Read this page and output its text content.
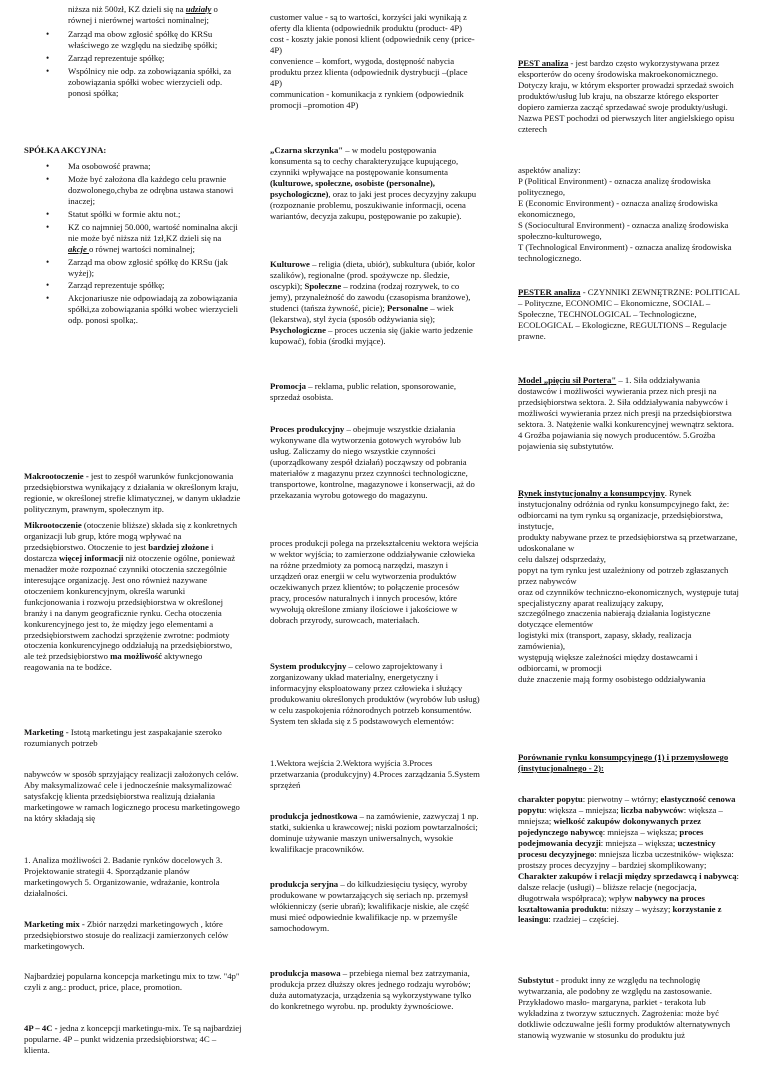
niższa niż 500zł, KZ dzieli się na udziały o równej i nierównej wartości nominalnej;

• Zarząd ma obow zgłosić spółkę do KRSu właściwego ze względu na siedzibę spółki;
• Zarząd reprezentuje spółkę;
• Wspólnicy nie odp. za zobowiązania spółki, za zobowiązania spółki wobec wierzycieli odp. ponosi spółka;

SPÓŁKA AKCYJNA:

• Ma osobowość prawna;
• Może być założona dla każdego celu prawnie dozwolonego,chyba ze odrębna ustawa stanowi inaczej;
• Statut spółki w formie aktu not.;
• KZ co najmniej 50.000, wartość nominalna akcji nie może być niższa niż 1zł,KZ dzieli się na akcje o równej wartości nominalnej;
• Zarząd ma obow zgłosić spółkę do KRSu (jak wyżej);
• Zarząd reprezentuje spółkę;
• Akcjonariusze nie odpowiadają za zobowiązania spółki,za zobowiązania spółki wobec wierzycieli odp. ponosi spolka;.

Makrootoczenie - jest to zespół warunków funkcjonowania przedsiębiorstwa wynikający z działania w określonym kraju, regionie, w określonej strefie klimatycznej, w danym układzie politycznym, prawnym, społecznym itp.

Mikrootoczenie (otoczenie bliższe) składa się z konkretnych organizacji lub grup, które mogą wpływać na przedsiębiorstwo. Otoczenie to jest bardziej złożone i dostarcza więcej informacji niż otoczenie ogólne, ponieważ menadżer może rozpoznać czynniki otoczenia szczególnie interesujące organizację. Jest ono również nazywane otoczeniem konkurencyjnym, określa warunki funkcjonowania i rozwoju przedsiębiorstwa w określonej branży i na danym geograficznie rynku. Cecha otoczenia konkurencyjnego jest to, że między jego elementami a przedsiębiorstwem zachodzi sprzężenie zwrotne: podmioty otoczenia konkurencyjnego oddziałują na przedsiębiorstwo, ale też przedsiębiorstwo ma możliwość aktywnego reagowania na te bodźce.

Marketing - Istotą marketingu jest zaspakajanie szeroko rozumianych potrzeb

nabywców w sposób sprzyjający realizacji założonych celów. Aby maksymalizować cele i jednocześnie maksymalizować satysfakcję klienta przedsiębiorstwa realizują działania marketingowe w ramach logicznego procesu marketingowego na który składają się

1. Analiza możliwości 2. Badanie rynków docelowych 3. Projektowanie strategii 4. Sporządzanie planów marketingowych 5. Organizowanie, wdrażanie, kontrola działalności.

Marketing mix - Zbiór narzędzi marketingowych , które przedsiębiorstwo stosuje do realizacji zamierzonych celów marketingowych.

Najbardziej popularna koncepcja marketingu mix to tzw. "4p" czyli z ang.: product, price, place, promotion.

4P – 4C - jedna z koncepcji marketingu-mix. Te są najbardziej popularne. 4P – punkt widzenia przedsiębiorstwa; 4C – klienta.

customer value - są to wartości, korzyści jaki wynikają z oferty dla klienta (odpowiednik produktu (product- 4P)
cost - koszty jakie ponosi klient (odpowiednik ceny (price- 4P)
convenience – komfort, wygoda, dostępność nabycia produktu przez klienta (odpowiednik dystrybucji –(place 4P)
communication - komunikacja z rynkiem (odpowiednik promocji –promotion 4P)

„Czarna skrzynka" – w modelu postępowania konsumenta są to cechy charakteryzujące kupującego, czynniki wpływające na postępowanie konsumenta (kulturowe, społeczne, osobiste (personalne), psychologiczne), oraz to jaki jest proces decyzyjny zakupu (rozpoznanie problemu, poszukiwanie informacji, ocena wariantów, decyzja zakupu, postępowanie po zakupie).

Kulturowe – religia (dieta, ubiór), subkultura (ubiór, kolor szalików), regionalne (prod. spożywcze np. śledzie, oscypki); Społeczne – rodzina (rodzaj rozrywek, to co jemy), przynależność do zawodu (czasopisma branżowe), studenci (tańsza żywność, picie); Personalne – wiek (lekarstwa), styl życia (sposób odżywiania się); Psychologiczne – proces uczenia się (jakie warto jedzenie kupować), fobia (środki myjące).

Promocja – reklama, public relation, sponsorowanie, sprzedaż osobista.

Proces produkcyjny – obejmuje wszystkie działania wykonywane dla wytworzenia gotowych wyrobów lub usług. Zaliczamy do niego wszystkie czynności (uporządkowany zespół działań) począwszy od pobrania materiałów z magazynu przez czynności technologiczne, transportowe, kontrolne, magazynowe i konserwacji, aż do przekazania wyrobu gotowego do magazynu.

proces produkcji polega na przekształceniu wektora wejścia w wektor wyjścia; to zamierzone oddziaływanie człowieka na różne przedmioty za pomocą narzędzi, maszyn i urządzeń oraz energii w celu wytworzenia produktów oczekiwanych przez klientów; to połączenie procesów pracy, procesów naturalnych i innych procesów, które wywołują określone zmiany ilościowe i jakościowe w dobrach przyrody, surowcach, materiałach.

System produkcyjny – celowo zaprojektowany i zorganizowany układ materialny, energetyczny i informacyjny eksploatowany przez człowieka i służący produkowaniu określonych produktów (wyrobów lub usług) w celu zaspokojenia różnorodnych potrzeb konsumentów. System ten składa się z 5 podstawowych elementów:

1.Wektora wejścia 2.Wektora wyjścia 3.Proces przetwarzania (produkcyjny) 4.Proces zarządzania 5.System sprzężeń

produkcja jednostkowa – na zamówienie, zazwyczaj 1 np. statki, sukienka u krawcowej; niski poziom powtarzalności; dominuje używanie maszyn uniwersalnych, wysokie kwalifikacje pracowników.

produkcja seryjna – do kilkudziesięciu tysięcy, wyroby produkowane w powtarzających się seriach np. przemysł włókienniczy (serie ubrań); kwalifikacje niskie, ale część musi mieć odpowiednie kwalifikacje np. w przemyśle samochodowym.

produkcja masowa – przebiega niemal bez zatrzymania, produkcja przez dłuższy okres jednego rodzaju wyrobów; duża automatyzacja, urządzenia są wykorzystywane tylko do konkretnego wyrobu. np. produkty żywnościowe.

PEST analiza - jest bardzo często wykorzystywana przez eksporterów do oceny środowiska makroekonomicznego. Dotyczy kraju, w którym eksporter prowadzi sprzedaż swoich produktów/usług lub kraju, na obszarze którego eksporter dopiero zamierza zacząć sprzedawać swoje produkty/usługi. Nazwa PEST pochodzi od pierwszych liter angielskiego opisu czterech

aspektów analizy:
P (Political Environment) - oznacza analizę środowiska politycznego,
E (Economic Environment) - oznacza analizę środowiska ekonomicznego,
S (Sociocultural Environment) - oznacza analizę środowiska społeczno-kulturowego,
T (Technological Environment) - oznacza analizę środowiska technologicznego.

PESTER analiza - CZYNNIKI ZEWNĘTRZNE: POLITICAL – Polityczne, ECONOMIC – Ekonomiczne, SOCIAL – Społeczne, TECHNOLOGICAL – Technologiczne, ECOLOGICAL – Ekologiczne, REGULTIONS – Regulacje prawne.

Model „pięciu sił Portera" – 1. Siła oddziaływania dostawców i możliwości wywierania przez nich presji na przedsiębiorstwa sektora. 2. Siła oddziaływania nabywców i możliwości wywierania przez nich presji na przedsiębiorstwa sektora. 3. Natężenie walki konkurencyjnej wewnątrz sektora. 4 Groźba pojawiania się nowych producentów. 5.Groźba pojawienia się substytutów.

Rynek instytucjonalny a konsumpcyjny. Rynek instytucjonalny odróżnia od rynku konsumpcyjnego fakt, że:
odbiorcami na tym rynku są organizacje, przedsiębiorstwa, instytucje,
produkty nabywane przez te przedsiębiorstwa są przetwarzane, udoskonalane w
celu dalszej odsprzedaży,
popyt na tym rynku jest uzależniony od potrzeb zgłaszanych przez nabywców
oraz od czynników techniczno-ekonomicznych, występuje tutaj specjalistyczny aparat realizujący zakupy,
szczególnego znaczenia nabierają działania logistyczne dotyczące elementów
logistyki mix (transport, zapasy, składy, realizacja zamówienia),
występują większe zależności między dostawcami i odbiorcami, w promocji
duże znaczenie mają formy osobistego oddziaływania

Porównanie rynku konsumpcyjnego (1) i przemysłowego (instytucjonalnego - 2):

charakter popytu: pierwotny – wtórny; elastyczność cenowa popytu: większa – mniejsza; liczba nabywców: większa – mniejsza; wielkość zakupów dokonywanych przez pojedynczego nabywcę: mniejsza – większa; proces podejmowania decyzji: mniejsza – większa; uczestnicy procesu decyzyjnego: mniejsza liczba uczestników- większa: prostszy proces decyzyjny – bardziej skomplikowany; Charakter zakupów i relacji między sprzedawcą i nabywcą: dalsze relacje (usługi) – bliższe relacje (negocjacja, długotrwała współpraca); wpływ nabywcy na proces kształtowania produktu: niższy – wyższy; korzystanie z leasingu: rzadziej – częściej.

Substytut - produkt inny ze względu na technologię wytwarzania, ale podobny ze względu na zastosowanie. Przykładowo masło- margaryna, parkiet - terakota lub wykładzina z tworzyw sztucznych. Zagrożenia: może być dotkliwie odczuwalne jeśli formy produktów alternatywnych stanowią wyzwanie w stosunku do produktu już
